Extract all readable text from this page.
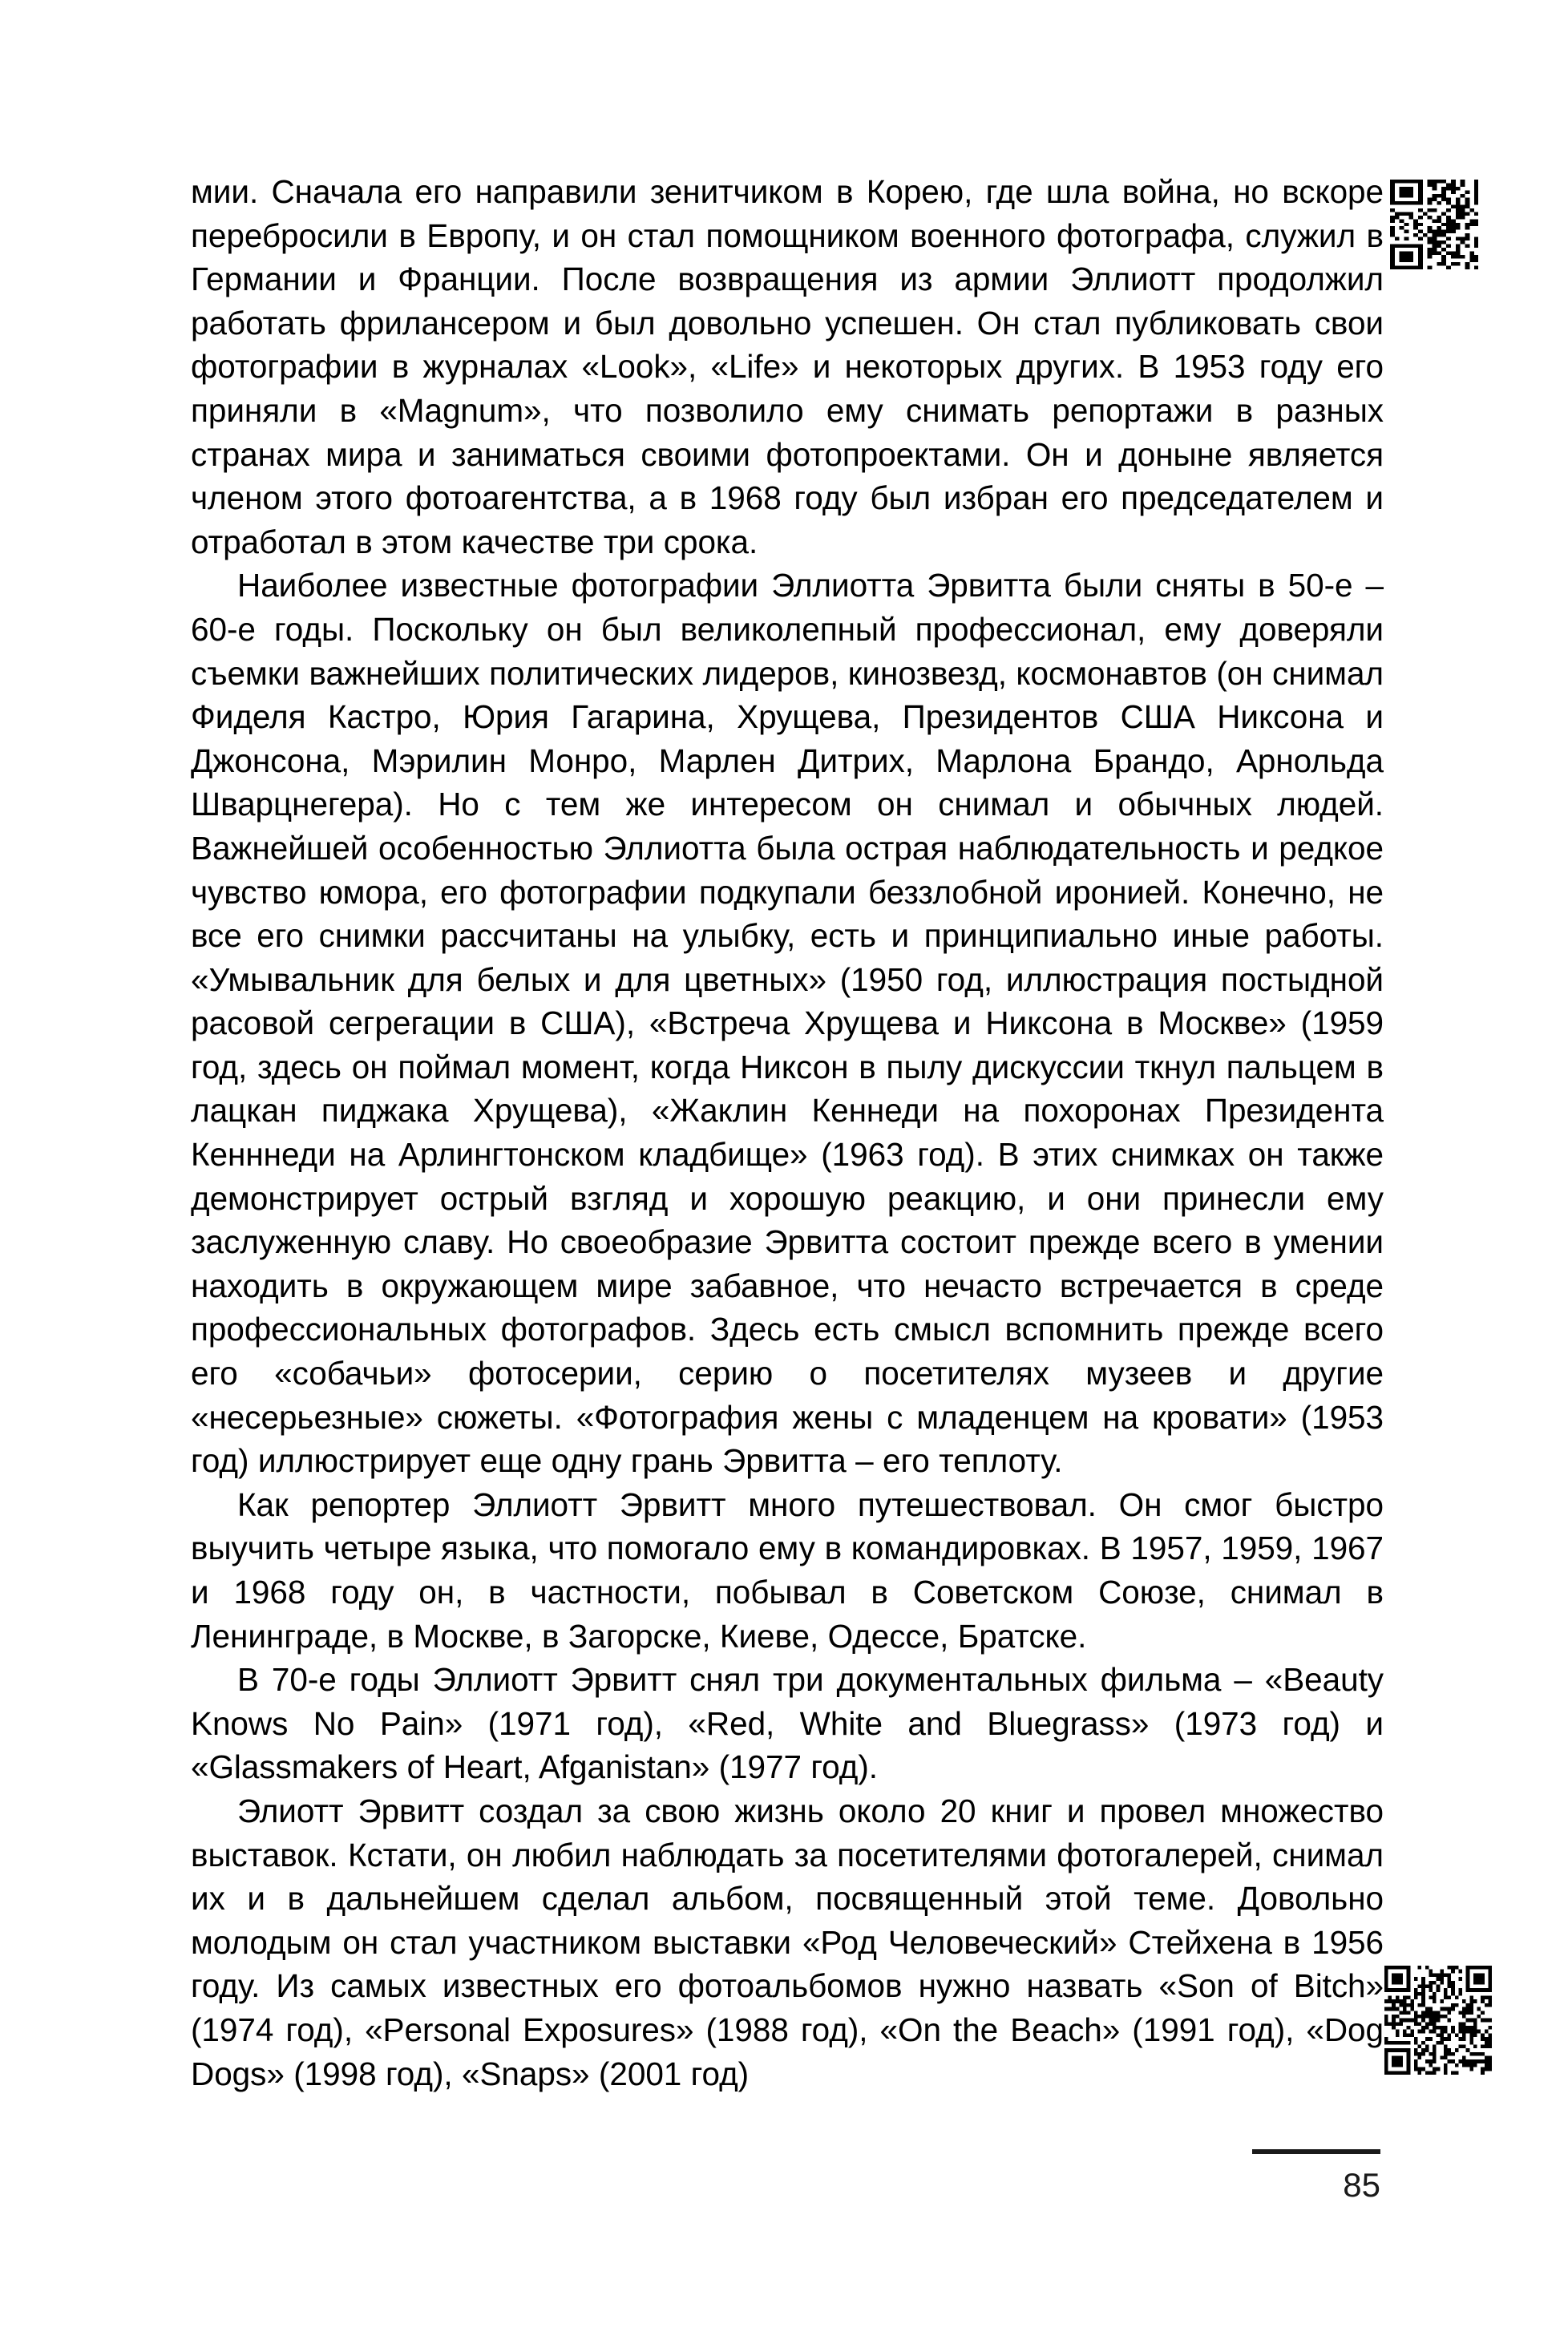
мии. Сначала его направили зенитчиком в Корею, где шла война, но вскоре перебросили в Европу, и он стал помощником военного фотографа, служил в Германии и Франции. После возвращения из армии Эллиотт продолжил работать фрилансером и был довольно успешен. Он стал публиковать свои фотографии в журналах «Look», «Life» и некоторых других. В 1953 году его приняли в «Magnum», что позволило ему снимать репортажи в разных странах мира и заниматься своими фотопроектами. Он и доныне является членом этого фотоагентства, а в 1968 году был избран его председателем и отработал в этом качестве три срока.

Наиболее известные фотографии Эллиотта Эрвитта были сняты в 50-е – 60-е годы. Поскольку он был великолепный профессионал, ему доверяли съемки важнейших политических лидеров, кинозвезд, космонавтов (он снимал Фиделя Кастро, Юрия Гагарина, Хрущева, Президентов США Никсона и Джонсона, Мэрилин Монро, Марлен Дитрих, Марлона Брандо, Арнольда Шварцнегера). Но с тем же интересом он снимал и обычных людей. Важнейшей особенностью Эллиотта была острая наблюдательность и редкое чувство юмора, его фотографии подкупали беззлобной иронией. Конечно, не все его снимки рассчитаны на улыбку, есть и принципиально иные работы. «Умывальник для белых и для цветных» (1950 год, иллюстрация постыдной расовой сегрегации в США), «Встреча Хрущева и Никсона в Москве» (1959 год, здесь он поймал момент, когда Никсон в пылу дискуссии ткнул пальцем в лацкан пиджака Хрущева), «Жаклин Кеннеди на похоронах Президента Кенннеди на Арлингтонском кладбище» (1963 год). В этих снимках он также демонстрирует острый взгляд и хорошую реакцию, и они принесли ему заслуженную славу. Но своеобразие Эрвитта состоит прежде всего в умении находить в окружающем мире забавное, что нечасто встречается в среде профессиональных фотографов. Здесь есть смысл вспомнить прежде всего его «собачьи» фотосерии, серию о посетителях музеев и другие «несерьезные» сюжеты. «Фотография жены с младенцем на кровати» (1953 год) иллюстрирует еще одну грань Эрвитта – его теплоту.

Как репортер Эллиотт Эрвитт много путешествовал. Он смог быстро выучить четыре языка, что помогало ему в командировках. В 1957, 1959, 1967 и 1968 году он, в частности, побывал в Советском Союзе, снимал в Ленинграде, в Москве, в Загорске, Киеве, Одессе, Братске.

В 70-е годы Эллиотт Эрвитт снял три документальных фильма – «Beauty Knows No Pain» (1971 год), «Red, White and Bluegrass» (1973 год) и «Glassmakers of Heart, Afganistan» (1977 год).

Элиотт Эрвитт создал за свою жизнь около 20 книг и провел множество выставок. Кстати, он любил наблюдать за посетителями фотогалерей, снимал их и в дальнейшем сделал альбом, посвященный этой теме. Довольно молодым он стал участником выставки «Род Человеческий» Стейхена в 1956 году. Из самых известных его фотоальбомов нужно назвать «Son of Bitch» (1974 год), «Personal Exposures» (1988 год), «On the Beach» (1991 год), «Dog Dogs» (1998 год), «Snaps» (2001 год)

85
